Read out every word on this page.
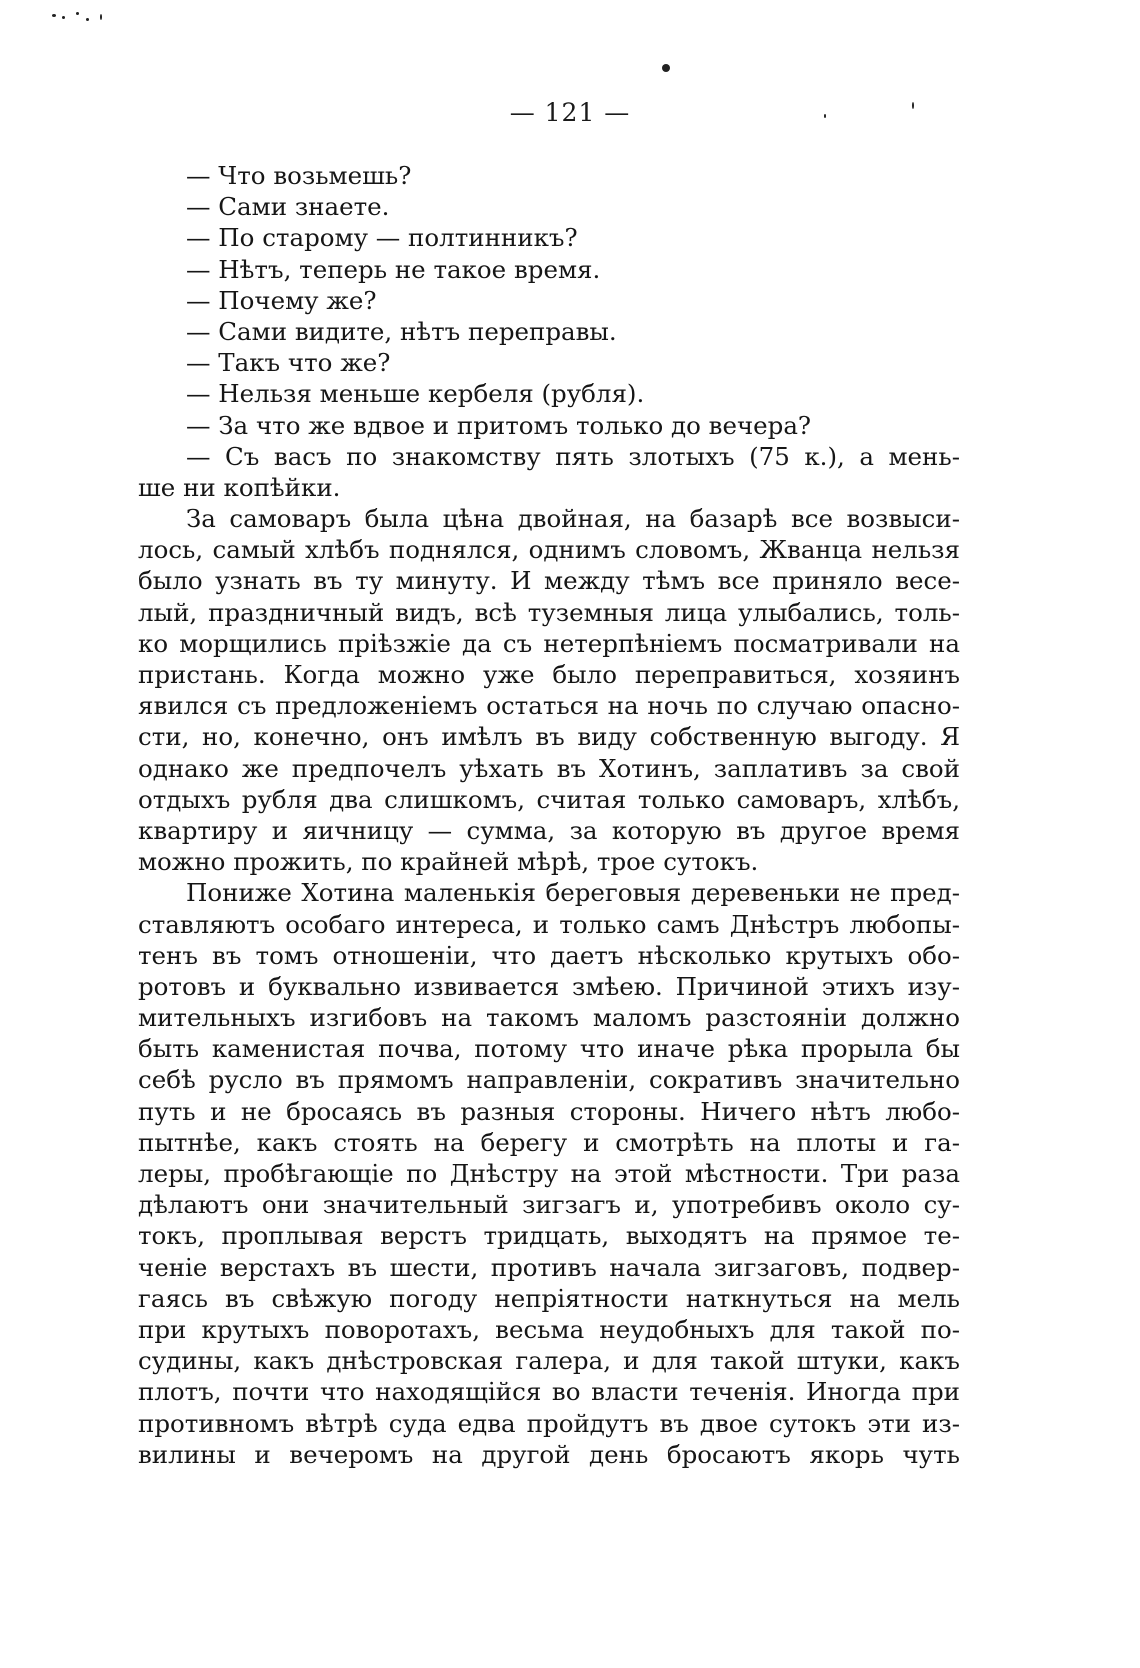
— 121 —
— Что возьмешь?
— Сами знаете.
— По старому — полтинникъ?
— Нѣтъ, теперь не такое время.
— Почему же?
— Сами видите, нѣтъ переправы.
— Такъ что же?
— Нельзя меньше кербеля (рубля).
— За что же вдвое и притомъ только до вечера?
— Съ васъ по знакомству пять злотыхъ (75 к.), а мень-
ше ни копѣйки.
За самоваръ была цѣна двойная, на базарѣ все возвыси-
лось, самый хлѣбъ поднялся, однимъ словомъ, Жванца нельзя
было узнать въ ту минуту. И между тѣмъ все приняло весе-
лый, праздничный видъ, всѣ туземныя лица улыбались, толь-
ко морщились пріѣзжіе да съ нетерпѣніемъ посматривали на
пристань. Когда можно уже было переправиться, хозяинъ
явился съ предложеніемъ остаться на ночь по случаю опасно-
сти, но, конечно, онъ имѣлъ въ виду собственную выгоду. Я
однако же предпочелъ уѣхать въ Хотинъ, заплативъ за свой
отдыхъ рубля два слишкомъ, считая только самоваръ, хлѣбъ,
квартиру и яичницу — сумма, за которую въ другое время
можно прожить, по крайней мѣрѣ, трое сутокъ.
Пониже Хотина маленькія береговыя деревеньки не пред-
ставляютъ особаго интереса, и только самъ Днѣстръ любопы-
тенъ въ томъ отношеніи, что даетъ нѣсколько крутыхъ обо-
ротовъ и буквально извивается змѣею. Причиной этихъ изу-
мительныхъ изгибовъ на такомъ маломъ разстояніи должно
быть каменистая почва, потому что иначе рѣка прорыла бы
себѣ русло въ прямомъ направленіи, сокративъ значительно
путь и не бросаясь въ разныя стороны. Ничего нѣтъ любо-
пытнѣе, какъ стоять на берегу и смотрѣть на плоты и га-
леры, пробѣгающіе по Днѣстру на этой мѣстности. Три раза
дѣлаютъ они значительный зигзагъ и, употребивъ около су-
токъ, проплывая верстъ тридцать, выходятъ на прямое те-
ченіе верстахъ въ шести, противъ начала зигзаговъ, подвер-
гаясь въ свѣжую погоду непріятности наткнуться на мель
при крутыхъ поворотахъ, весьма неудобныхъ для такой по-
судины, какъ днѣстровская галера, и для такой штуки, какъ
плотъ, почти что находящійся во власти теченія. Иногда при
противномъ вѣтрѣ суда едва пройдутъ въ двое сутокъ эти из-
вилины и вечеромъ на другой день бросаютъ якорь чуть
